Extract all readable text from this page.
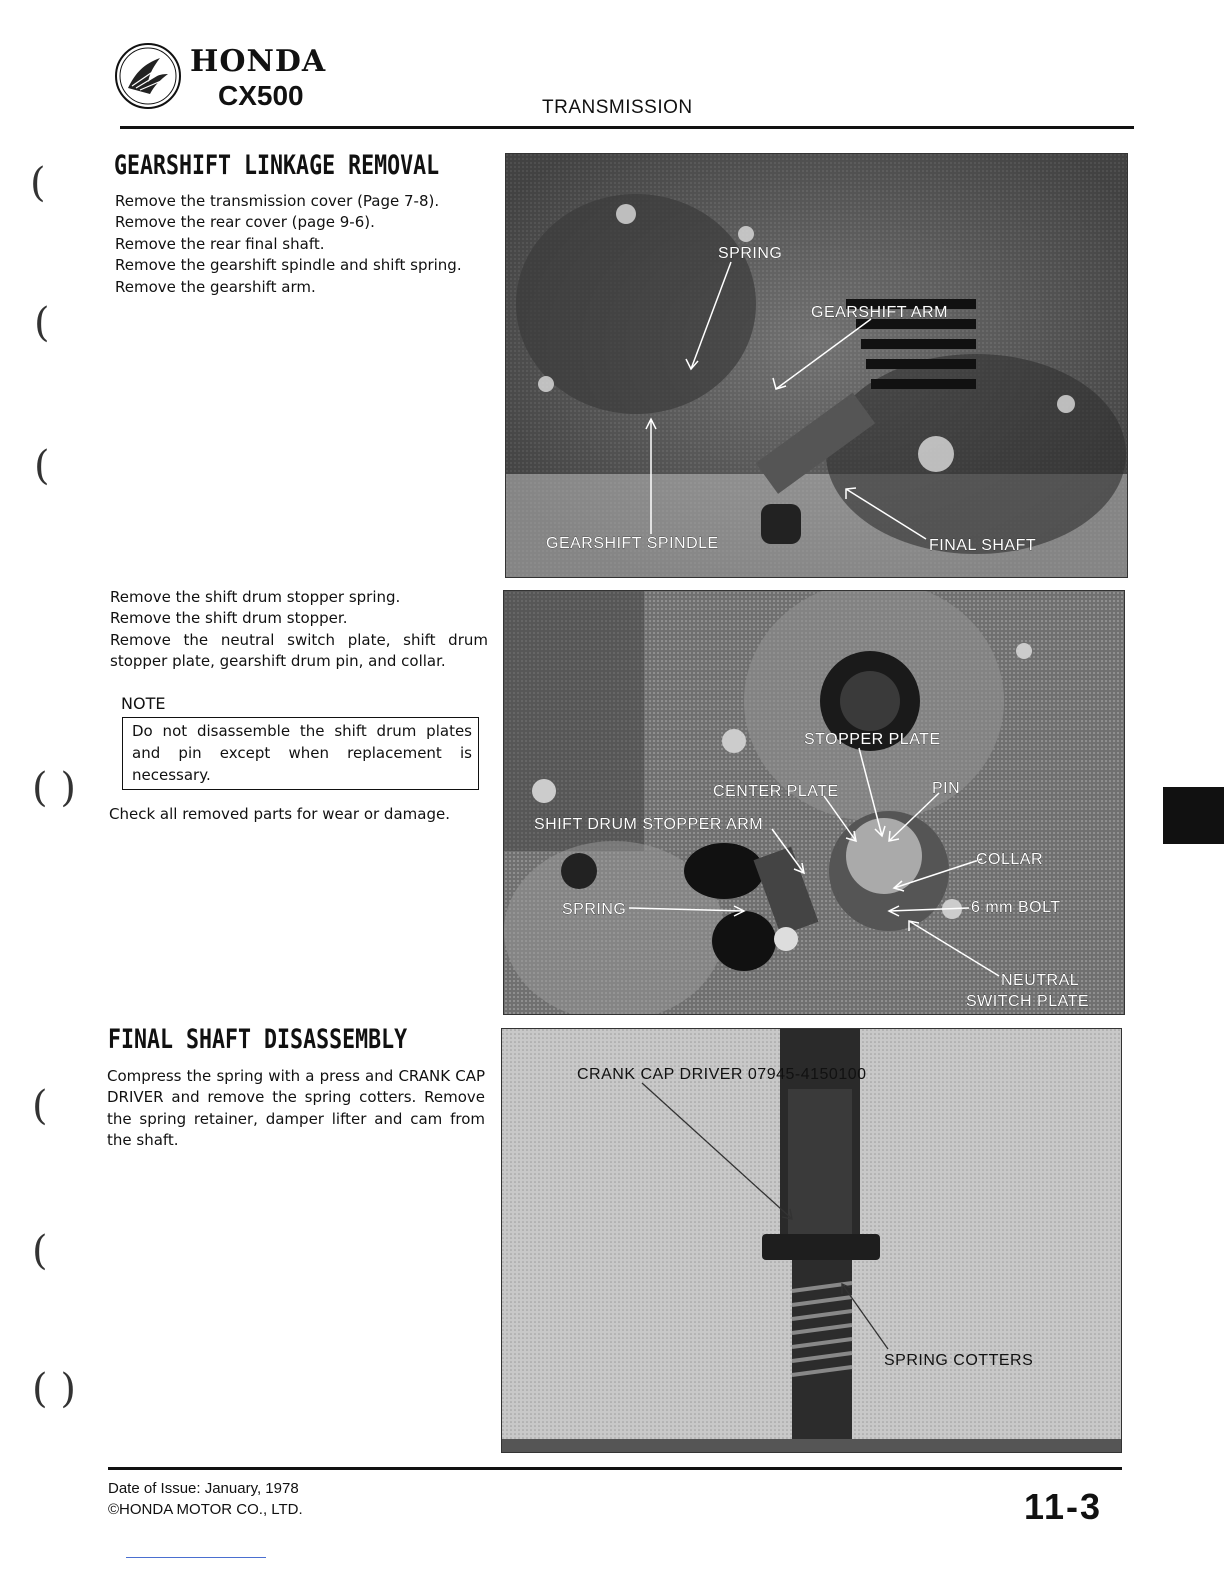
HONDA
CX500	TRANSMISSION
(
(
(
( )
(
(
( )
GEARSHIFT LINKAGE REMOVAL
Remove the transmission cover (Page 7-8).
Remove the rear cover (page 9-6).
Remove the rear final shaft.
Remove the gearshift spindle and shift spring.
Remove the gearshift arm.
SPRING
GEARSHIFT ARM
GEARSHIFT SPINDLE	FINAL SHAFT
Remove the shift drum stopper spring.
Remove the shift drum stopper.
Remove the neutral switch plate, shift drum stopper plate, gearshift drum pin, and collar.
NOTE
Do not disassemble the shift drum plates and pin except when replacement is necessary.
Check all removed parts for wear or damage.
STOPPER PLATE
CENTER PLATE	PIN
SHIFT DRUM STOPPER ARM
COLLAR
SPRING	6 mm BOLT
NEUTRAL
SWITCH PLATE
FINAL SHAFT DISASSEMBLY
Compress the spring with a press and CRANK CAP DRIVER and remove the spring cotters. Remove the spring retainer, damper lifter and cam from the shaft.
CRANK CAP DRIVER 07945-4150100
SPRING COTTERS
Date of Issue: January, 1978
©HONDA MOTOR CO., LTD.	11-3
